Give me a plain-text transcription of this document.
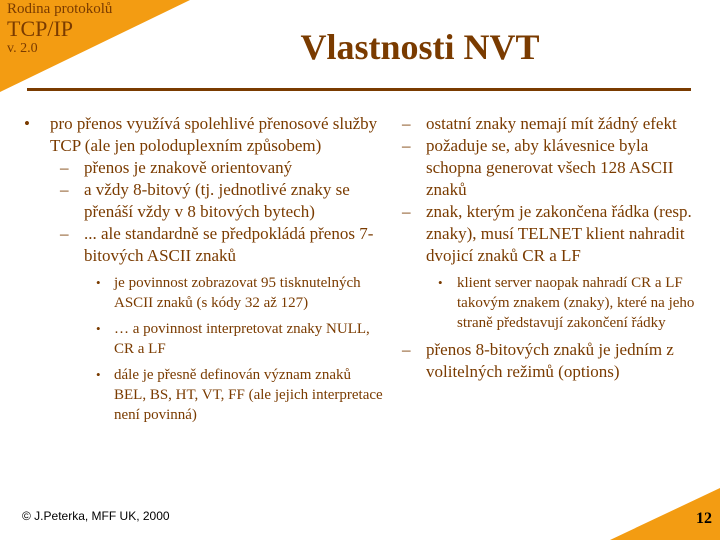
Rodina protokolů
TCP/IP
v. 2.0	Vlastnosti NVT
• pro přenos využívá spolehlivé přenosové služby TCP (ale jen poloduplexním způsobem)
– přenos je znakově orientovaný
– a vždy 8-bitový (tj. jednotlivé znaky se přenáší vždy v 8 bitových bytech)
– ... ale standardně se předpokládá přenos 7-bitových ASCII znaků
• je povinnost zobrazovat 95 tisknutelných ASCII znaků (s kódy 32 až 127)
• … a povinnost interpretovat znaky NULL, CR a LF
• dále je přesně definován význam znaků BEL, BS, HT, VT, FF (ale jejich interpretace není povinná)
– ostatní znaky nemají mít žádný efekt
– požaduje se, aby klávesnice byla schopna generovat všech 128 ASCII znaků
– znak, kterým je zakončena řádka (resp. znaky), musí TELNET klient nahradit dvojicí znaků CR a LF
• klient server naopak nahradí CR a LF takovým znakem (znaky), které na jeho straně představují zakončení řádky
– přenos 8-bitových znaků je jedním z volitelných režimů (options)
© J.Peterka, MFF UK, 2000	12
